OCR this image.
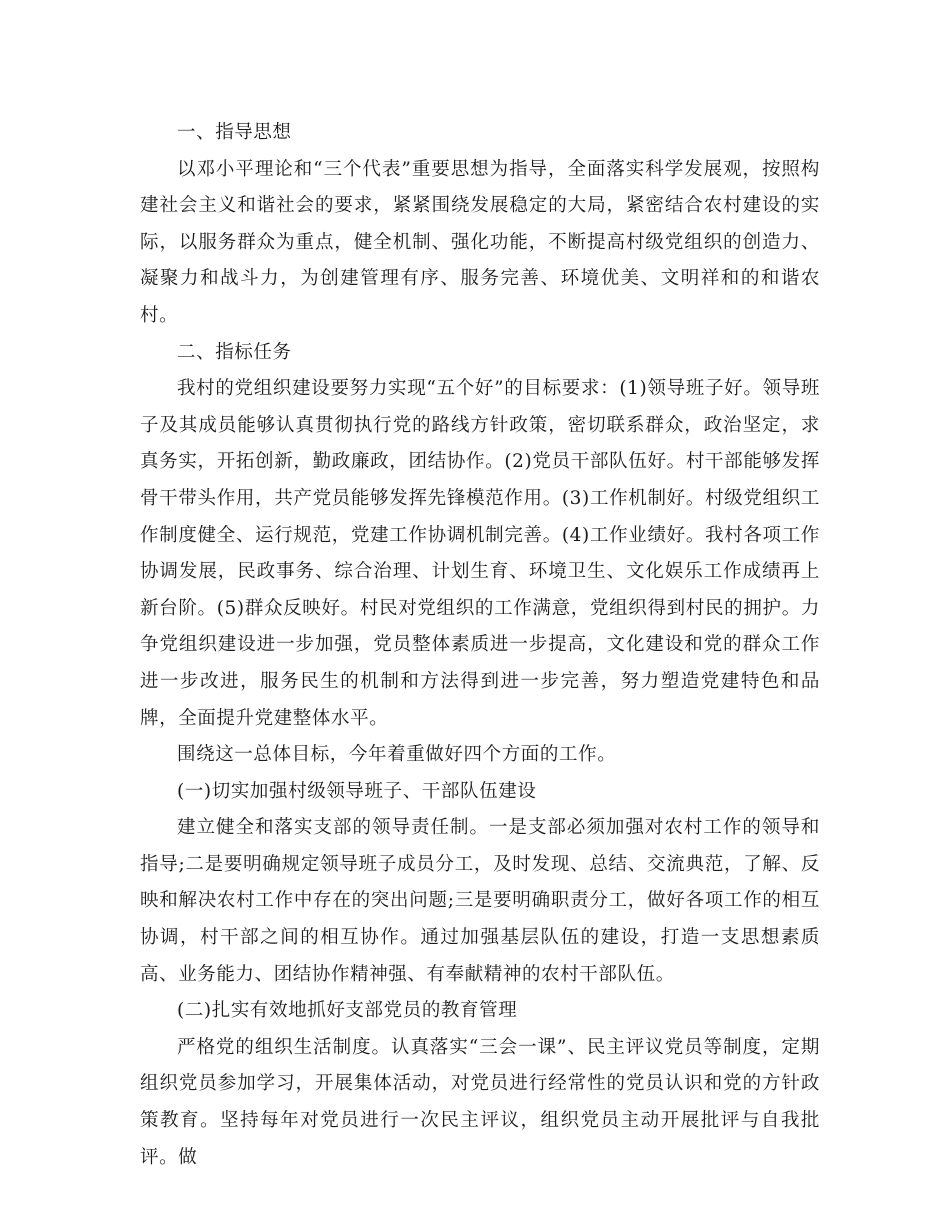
一、指导思想

以邓小平理论和“三个代表”重要思想为指导，全面落实科学发展观，按照构建社会主义和谐社会的要求，紧紧围绕发展稳定的大局，紧密结合农村建设的实际，以服务群众为重点，健全机制、强化功能，不断提高村级党组织的创造力、凝聚力和战斗力，为创建管理有序、服务完善、环境优美、文明祥和的和谐农村。

二、指标任务

我村的党组织建设要努力实现“五个好”的目标要求：(1)领导班子好。领导班子及其成员能够认真贯彻执行党的路线方针政策，密切联系群众，政治坚定，求真务实，开拓创新，勤政廉政，团结协作。(2)党员干部队伍好。村干部能够发挥骨干带头作用，共产党员能够发挥先锋模范作用。(3)工作机制好。村级党组织工作制度健全、运行规范，党建工作协调机制完善。(4)工作业绩好。我村各项工作协调发展，民政事务、综合治理、计划生育、环境卫生、文化娱乐工作成绩再上新台阶。(5)群众反映好。村民对党组织的工作满意，党组织得到村民的拥护。力争党组织建设进一步加强，党员整体素质进一步提高，文化建设和党的群众工作进一步改进，服务民生的机制和方法得到进一步完善，努力塑造党建特色和品牌，全面提升党建整体水平。

围绕这一总体目标，今年着重做好四个方面的工作。

(一)切实加强村级领导班子、干部队伍建设

建立健全和落实支部的领导责任制。一是支部必须加强对农村工作的领导和指导;二是要明确规定领导班子成员分工，及时发现、总结、交流典范，了解、反映和解决农村工作中存在的突出问题;三是要明确职责分工，做好各项工作的相互协调，村干部之间的相互协作。通过加强基层队伍的建设，打造一支思想素质高、业务能力、团结协作精神强、有奉献精神的农村干部队伍。

(二)扎实有效地抓好支部党员的教育管理

严格党的组织生活制度。认真落实“三会一课”、民主评议党员等制度，定期组织党员参加学习，开展集体活动，对党员进行经常性的党员认识和党的方针政策教育。坚持每年对党员进行一次民主评议，组织党员主动开展批评与自我批评。做
